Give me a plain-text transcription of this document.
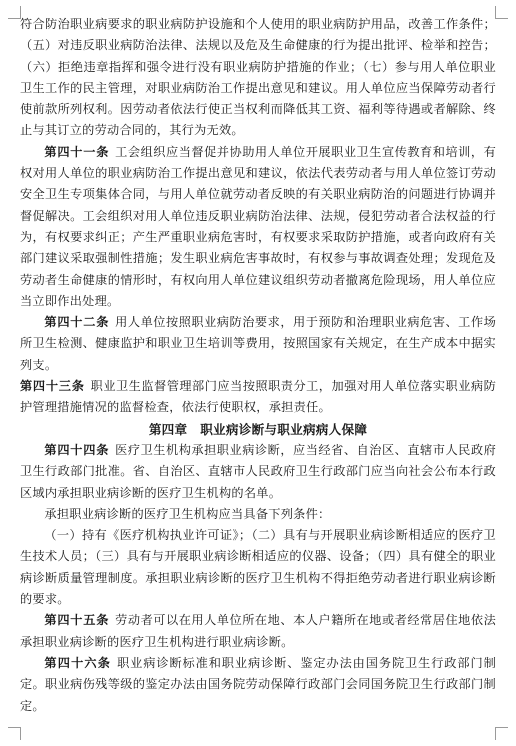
符合防治职业病要求的职业病防护设施和个人使用的职业病防护用品，改善工作条件；（五）对违反职业病防治法律、法规以及危及生命健康的行为提出批评、检举和控告；（六）拒绝违章指挥和强令进行没有职业病防护措施的作业；（七）参与用人单位职业卫生工作的民主管理，对职业病防治工作提出意见和建议。用人单位应当保障劳动者行使前款所列权利。因劳动者依法行使正当权利而降低其工资、福利等待遇或者解除、终止与其订立的劳动合同的，其行为无效。

第四十一条 工会组织应当督促并协助用人单位开展职业卫生宣传教育和培训，有权对用人单位的职业病防治工作提出意见和建议，依法代表劳动者与用人单位签订劳动安全卫生专项集体合同，与用人单位就劳动者反映的有关职业病防治的问题进行协调并督促解决。工会组织对用人单位违反职业病防治法律、法规，侵犯劳动者合法权益的行为，有权要求纠正；产生严重职业病危害时，有权要求采取防护措施，或者向政府有关部门建议采取强制性措施；发生职业病危害事故时，有权参与事故调查处理；发现危及劳动者生命健康的情形时，有权向用人单位建议组织劳动者撤离危险现场，用人单位应当立即作出处理。

第四十二条 用人单位按照职业病防治要求，用于预防和治理职业病危害、工作场所卫生检测、健康监护和职业卫生培训等费用，按照国家有关规定，在生产成本中据实列支。

第四十三条 职业卫生监督管理部门应当按照职责分工，加强对用人单位落实职业病防护管理措施情况的监督检查，依法行使职权，承担责任。

第四章　职业病诊断与职业病病人保障

第四十四条 医疗卫生机构承担职业病诊断，应当经省、自治区、直辖市人民政府卫生行政部门批准。省、自治区、直辖市人民政府卫生行政部门应当向社会公布本行政区域内承担职业病诊断的医疗卫生机构的名单。

承担职业病诊断的医疗卫生机构应当具备下列条件：

（一）持有《医疗机构执业许可证》；（二）具有与开展职业病诊断相适应的医疗卫生技术人员；（三）具有与开展职业病诊断相适应的仪器、设备；（四）具有健全的职业病诊断质量管理制度。承担职业病诊断的医疗卫生机构不得拒绝劳动者进行职业病诊断的要求。

第四十五条 劳动者可以在用人单位所在地、本人户籍所在地或者经常居住地依法承担职业病诊断的医疗卫生机构进行职业病诊断。

第四十六条 职业病诊断标准和职业病诊断、鉴定办法由国务院卫生行政部门制定。职业病伤残等级的鉴定办法由国务院劳动保障行政部门会同国务院卫生行政部门制定。
